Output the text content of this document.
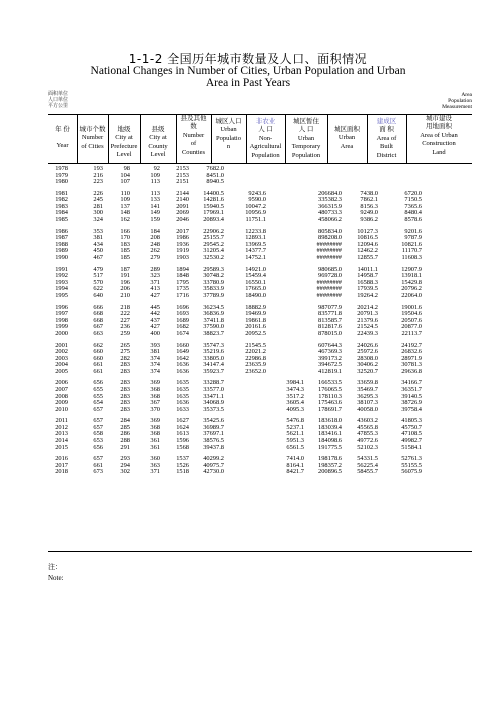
1-1-2 全国历年城市数量及人口、面积情况
National Changes in Number of Cities, Urban Population and Urban
Area in Past Years
面积单位
人口单位
平方公里
Area
Population
Measurement
年 份
Year
城市个数
Number
of Cities
地级
City at
Prefecture
Level
县级
City at
County
Level
县及其他
数
Number
of
Counties
城区人口
Urban
Populatio
n
非农业
人 口
Non-
Agricultural
Population
城区暂住
人 口
Urban
Temporary
Population
城区面积
Urban
Area
建成区
面 积
Area of
Built
District
城市建设
用地面积
Area of Urban
Construction
Land
1978	193	98	92	2153	7682.0
1979	216	104	109	2153	8451.0
1980	223	107	113	2151	8940.5
1981	226	110	113	2144	14400.5	9243.6	206684.0	7438.0	6720.0
1982	245	109	133	2140	14281.6	9590.0	335382.3	7862.1	7150.5
1983	281	137	141	2091	15940.5	10047.2	366315.9	8156.3	7365.6
1984	300	148	149	2069	17969.1	10956.9	480733.3	9249.0	8480.4
1985	324	162	159	2046	20893.4	11751.1	458066.2	9386.2	8578.6
1986	353	166	184	2017	22906.2	12233.8	805834.0	10127.3	9201.6
1987	381	170	208	1986	25155.7	12893.1	898208.0	10816.5	9787.9
1988	434	183	248	1936	29545.2	13969.5	########	12094.6	10821.6
1989	450	185	262	1919	31205.4	14377.7	########	12462.2	11170.7
1990	467	185	279	1903	32530.2	14752.1	########	12855.7	11608.3
1991	479	187	289	1894	29589.3	14921.0	980685.0	14011.1	12907.9
1992	517	191	323	1848	30748.2	15459.4	969728.0	14958.7	13918.1
1993	570	196	371	1795	33780.9	16550.1	########	16588.3	15429.8
1994	622	206	413	1735	35833.9	17665.0	########	17939.5	20796.2
1995	640	210	427	1716	37789.9	18490.0	########	19264.2	22064.0
1996	666	218	445	1696	36234.5	18882.9	987077.9	20214.2	19001.6
1997	668	222	442	1693	36836.9	19469.9	835771.8	20791.3	19504.6
1998	668	227	437	1689	37411.8	19861.8	813585.7	21379.6	20507.6
1999	667	236	427	1682	37590.0	20161.6	812817.6	21524.5	20877.0
2000	663	259	400	1674	38823.7	20952.5	878015.0	22439.3	22113.7
2001	662	265	393	1660	35747.3	21545.5	607644.3	24026.6	24192.7
2002	660	275	381	1649	35219.6	22021.2	467369.3	25972.6	26832.6
2003	660	282	374	1642	33805.0	22986.8	399173.2	28308.0	28971.9
2004	661	283	374	1636	34147.4	23635.9	394672.5	30406.2	30781.3
2005	661	283	374	1636	35923.7	23652.0	412819.1	32520.7	29636.8
2006	656	283	369	1635	33288.7	3984.1	166533.5	33659.8	34166.7
2007	655	283	368	1635	33577.0	3474.3	176065.5	35469.7	36351.7
2008	655	283	368	1635	33471.1	3517.2	178110.3	36295.3	39140.5
2009	654	283	367	1636	34068.9	3605.4	175463.6	38107.3	38726.9
2010	657	283	370	1633	35373.5	4095.3	178691.7	40058.0	39758.4
2011	657	284	369	1627	35425.6	5476.8	183618.0	43603.2	41805.3
2012	657	285	368	1624	36989.7	5237.1	183039.4	45565.8	45750.7
2013	658	286	368	1613	37697.1	5621.1	183416.1	47855.3	47108.5
2014	653	288	361	1596	38576.5	5951.3	184098.6	49772.6	49982.7
2015	656	291	361	1568	39437.8	6561.5	191775.5	52102.3	51584.1
2016	657	293	360	1537	40299.2	7414.0	198178.6	54331.5	52761.3
2017	661	294	363	1526	40975.7	8164.1	198357.2	56225.4	55155.5
2018	673	302	371	1518	42730.0	8421.7	200896.5	58455.7	56075.9
注：
Note:
